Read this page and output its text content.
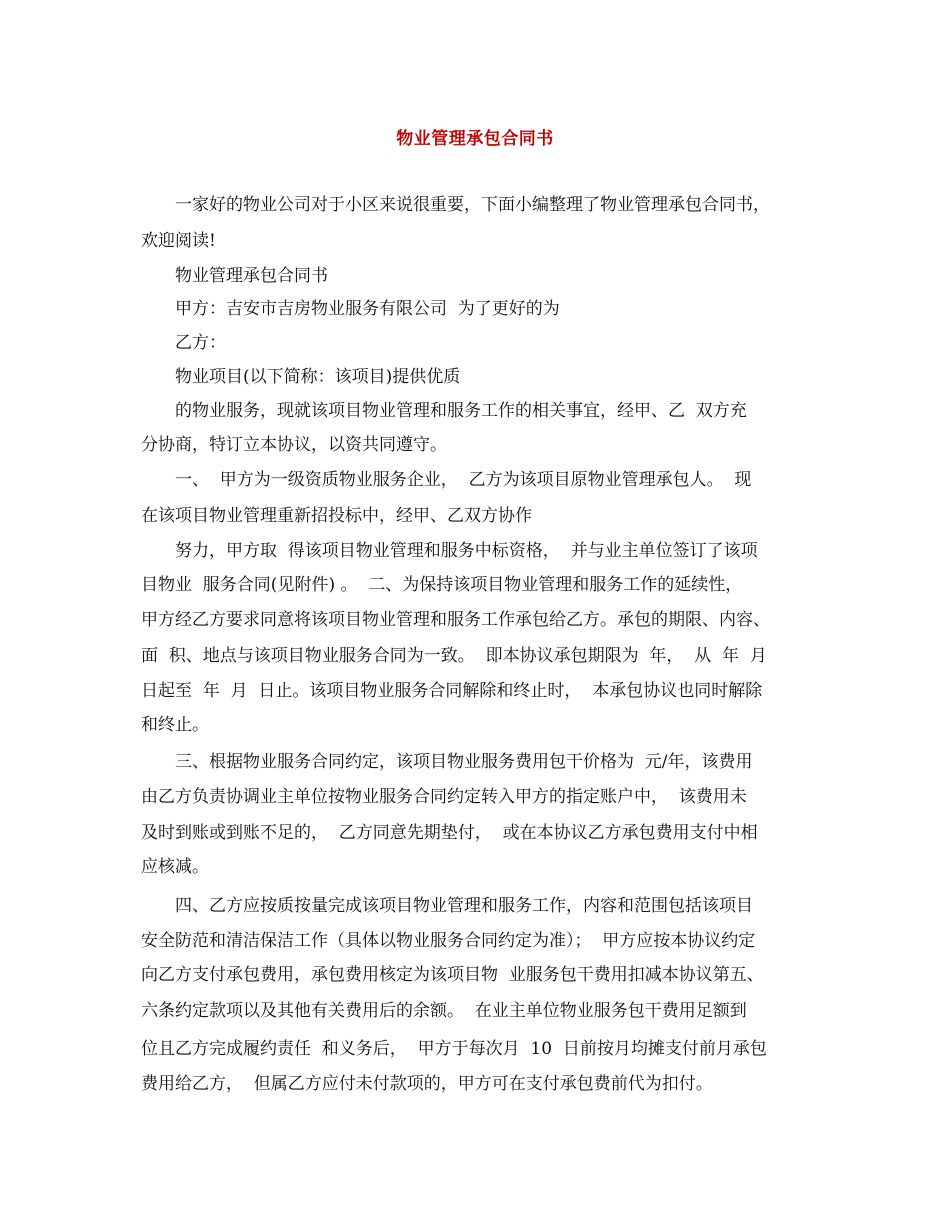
物业管理承包合同书
一家好的物业公司对于小区来说很重要，下面小编整理了物业管理承包合同书，
欢迎阅读!
物业管理承包合同书
甲方：吉安市吉房物业服务有限公司  为了更好的为
乙方：
物业项目(以下简称：该项目)提供优质
的物业服务，现就该项目物业管理和服务工作的相关事宜，经甲、乙  双方充
分协商，特订立本协议，以资共同遵守。
一、  甲方为一级资质物业服务企业，  乙方为该项目原物业管理承包人。  现
在该项目物业管理重新招投标中，经甲、乙双方协作
努力，甲方取  得该项目物业管理和服务中标资格，  并与业主单位签订了该项
目物业  服务合同(见附件) 。  二、为保持该项目物业管理和服务工作的延续性，
甲方经乙方要求同意将该项目物业管理和服务工作承包给乙方。承包的期限、内容、
面  积、地点与该项目物业服务合同为一致。  即本协议承包期限为  年，  从  年  月
日起至  年  月  日止。该项目物业服务合同解除和终止时，  本承包协议也同时解除
和终止。
三、根据物业服务合同约定，该项目物业服务费用包干价格为  元/年，该费用
由乙方负责协调业主单位按物业服务合同约定转入甲方的指定账户中，  该费用未
及时到账或到账不足的，  乙方同意先期垫付，  或在本协议乙方承包费用支付中相
应核减。
四、乙方应按质按量完成该项目物业管理和服务工作，内容和范围包括该项目
安全防范和清洁保洁工作（具体以物业服务合同约定为准）；  甲方应按本协议约定
向乙方支付承包费用，承包费用核定为该项目物  业服务包干费用扣减本协议第五、
六条约定款项以及其他有关费用后的余额。  在业主单位物业服务包干费用足额到
位且乙方完成履约责任  和义务后，  甲方于每次月  10  日前按月均摊支付前月承包
费用给乙方，  但属乙方应付未付款项的，甲方可在支付承包费前代为扣付。
